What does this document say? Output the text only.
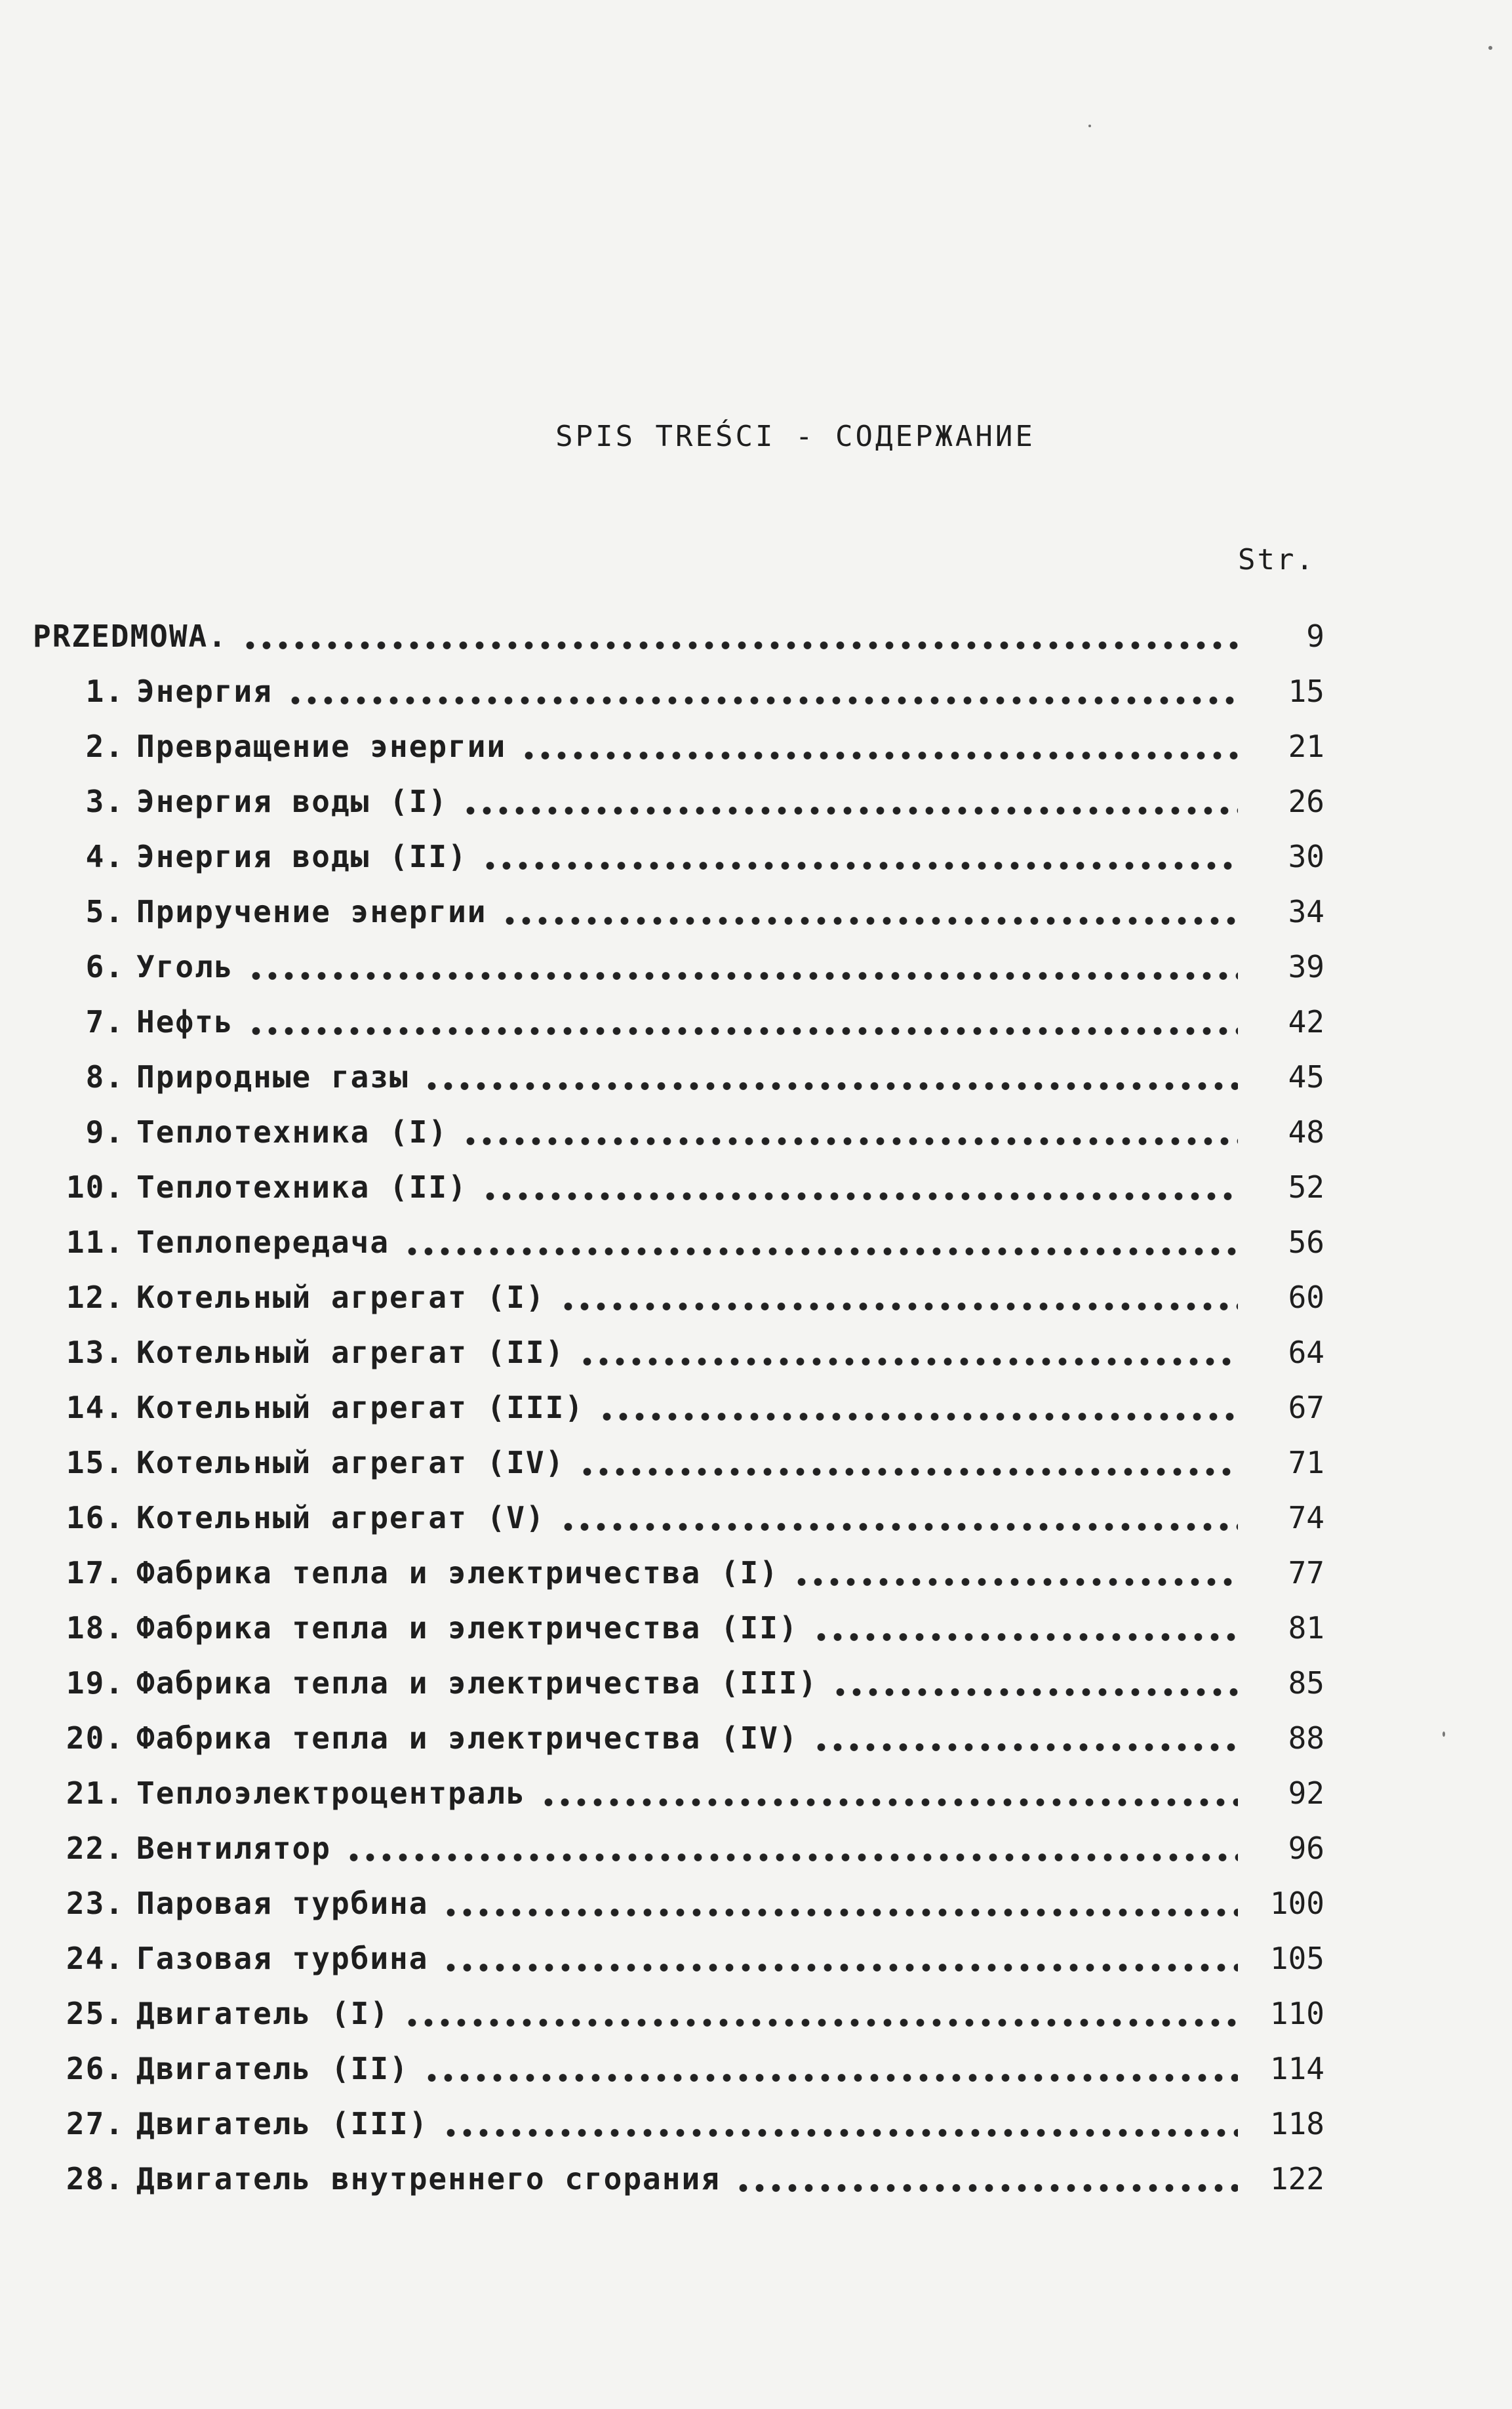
SPIS TREŚCI - СОДЕРЖАНИЕ
Str.
PRZEDMOWA.	9
1. Энергия	15
2. Превращение энергии	21
3. Энергия воды (I)	26
4. Энергия воды (II)	30
5. Приручение энергии	34
6. Уголь	39
7. Нефть	42
8. Природные газы	45
9. Теплотехника (I)	48
10. Теплотехника (II)	52
11. Теплопередача	56
12. Котельный агрегат (I)	60
13. Котельный агрегат (II)	64
14. Котельный агрегат (III)	67
15. Котельный агрегат (IV)	71
16. Котельный агрегат (V)	74
17. Фабрика тепла и электричества (I)	77
18. Фабрика тепла и электричества (II)	81
19. Фабрика тепла и электричества (III)	85
20. Фабрика тепла и электричества (IV)	88
21. Теплоэлектроцентраль	92
22. Вентилятор	96
23. Паровая турбина	100
24. Газовая турбина	105
25. Двигатель (I)	110
26. Двигатель (II)	114
27. Двигатель (III)	118
28. Двигатель внутреннего сгорания	122
